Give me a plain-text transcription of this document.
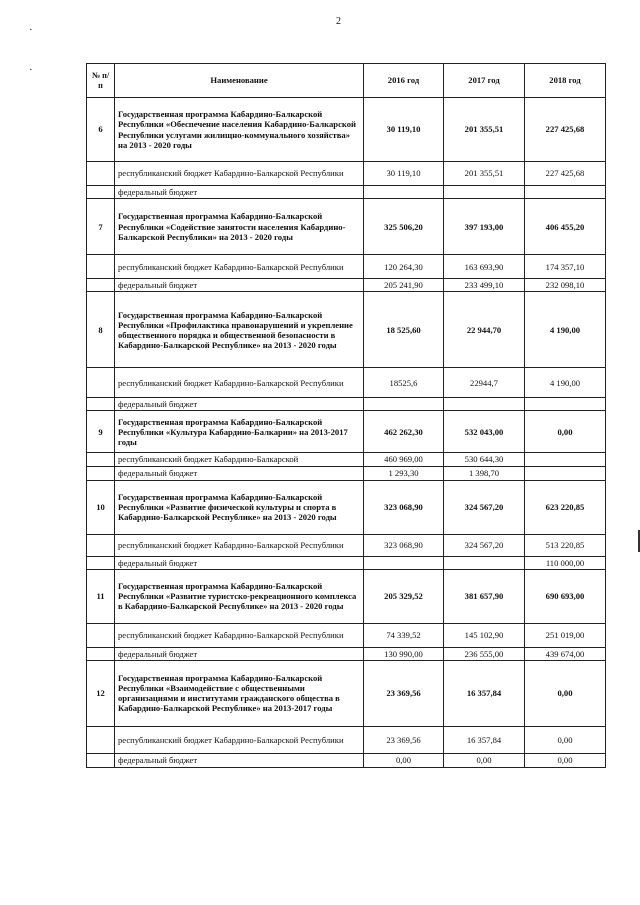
2
·
·	№ п/п	Наименование	2016 год	2017 год	2018 год
6	Государственная программа Кабардино-Балкарской Республики «Обеспечение населения Кабардино-Балкарской Республики услугами жилищно-коммунального хозяйства» на 2013 - 2020 годы	30 119,10	201 355,51	227 425,68
	республиканский бюджет Кабардино-Балкарской Республики	30 119,10	201 355,51	227 425,68
	федеральный бюджет			
7	Государственная программа Кабардино-Балкарской Республики «Содействие занятости населения Кабардино-Балкарской Республики» на 2013 - 2020 годы	325 506,20	397 193,00	406 455,20
	республиканский бюджет Кабардино-Балкарской Республики	120 264,30	163 693,90	174 357,10
	федеральный бюджет	205 241,90	233 499,10	232 098,10
8	Государственная программа Кабардино-Балкарской Республики «Профилактика правонарушений и укрепление общественного порядка и общественной безопасности в Кабардино-Балкарской Республике» на 2013 - 2020 годы	18 525,60	22 944,70	4 190,00
	республиканский бюджет Кабардино-Балкарской Республики	18525,6	22944,7	4 190,00
	федеральный бюджет			
9	Государственная программа Кабардино-Балкарской Республики «Культура Кабардино-Балкарии» на 2013-2017 годы	462 262,30	532 043,00	0,00
	республиканский бюджет Кабардино-Балкарской	460 969,00	530 644,30	
	федеральный бюджет	1 293,30	1 398,70	
10	Государственная программа Кабардино-Балкарской Республики «Развитие физической культуры и спорта в Кабардино-Балкарской Республике» на 2013 - 2020 годы	323 068,90	324 567,20	623 220,85
	республиканский бюджет Кабардино-Балкарской Республики	323 068,90	324 567,20	513 220,85
	федеральный бюджет			110 000,00
11	Государственная программа Кабардино-Балкарской Республики «Развитие туристско-рекреационного комплекса в Кабардино-Балкарской Республике» на 2013 - 2020 годы	205 329,52	381 657,90	690 693,00
	республиканский бюджет Кабардино-Балкарской Республики	74 339,52	145 102,90	251 019,00
	федеральный бюджет	130 990,00	236 555,00	439 674,00
12	Государственная программа Кабардино-Балкарской Республики «Взаимодействие с общественными организациями и институтами гражданского общества в Кабардино-Балкарской Республике» на 2013-2017 годы	23 369,56	16 357,84	0,00
	республиканский бюджет Кабардино-Балкарской Республики	23 369,56	16 357,84	0,00
	федеральный бюджет	0,00	0,00	0,00
